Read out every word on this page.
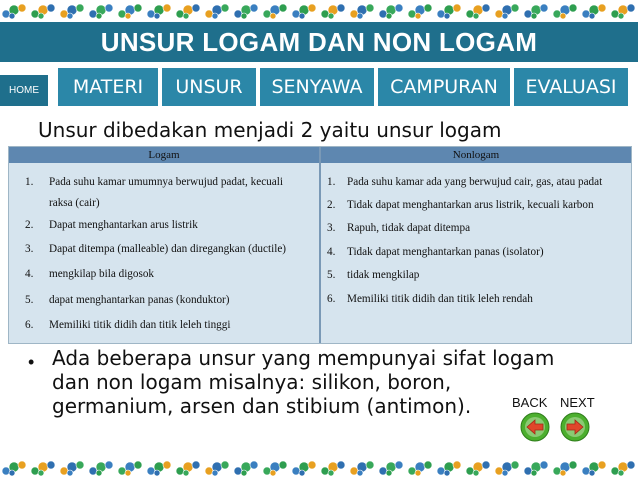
UNSUR LOGAM DAN NON LOGAM
HOME	MATERI	UNSUR	SENYAWA	CAMPURAN	EVALUASI
Unsur dibedakan menjadi 2 yaitu unsur logam
Logam	Nonlogam
1. Pada suhu kamar umumnya berwujud padat, kecuali
raksa (cair)
2. Dapat menghantarkan arus listrik
3. Dapat ditempa (malleable) dan diregangkan (ductile)
4. mengkilap bila digosok
5. dapat menghantarkan panas (konduktor)
6. Memiliki titik didih dan titik leleh tinggi
1. Pada suhu kamar ada yang berwujud cair, gas, atau padat
2. Tidak dapat menghantarkan arus listrik, kecuali karbon
3. Rapuh, tidak dapat ditempa
4. Tidak dapat menghantarkan panas (isolator)
5. tidak mengkilap
6. Memiliki titik didih dan titik leleh rendah
• Ada beberapa unsur yang mempunyai sifat logam
dan non logam misalnya: silikon, boron,
germanium, arsen dan stibium (antimon).	BACK NEXT
